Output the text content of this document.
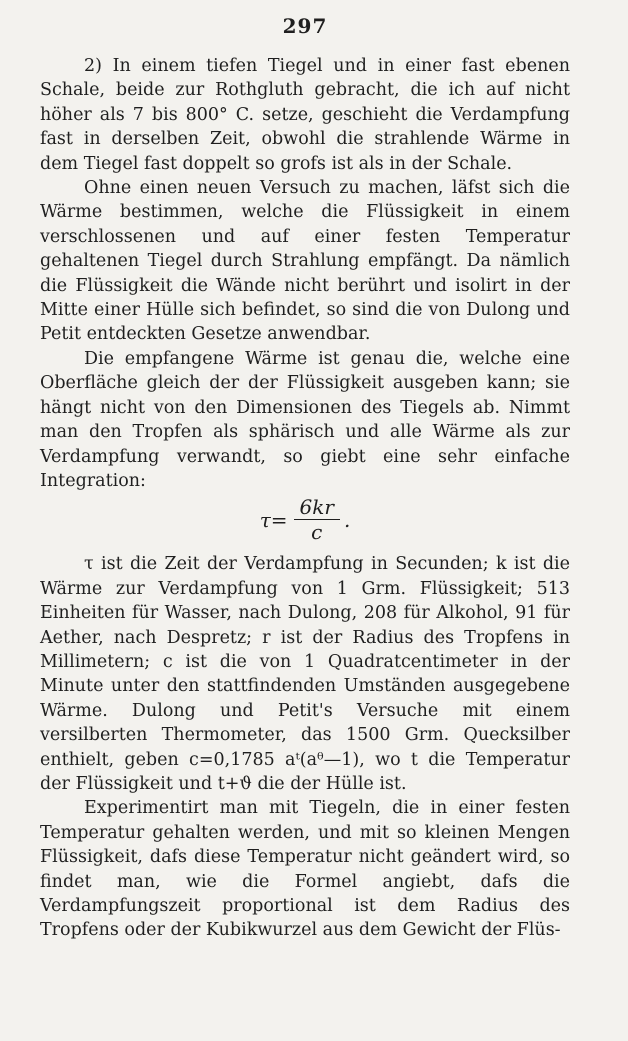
297

2) In einem tiefen Tiegel und in einer fast ebenen Schale, beide zur Rothgluth gebracht, die ich auf nicht höher als 7 bis 800° C. setze, geschieht die Verdampfung fast in derselben Zeit, obwohl die strahlende Wärme in dem Tiegel fast doppelt so grofs ist als in der Schale.

Ohne einen neuen Versuch zu machen, läfst sich die Wärme bestimmen, welche die Flüssigkeit in einem verschlossenen und auf einer festen Temperatur gehaltenen Tiegel durch Strahlung empfängt. Da nämlich die Flüssigkeit die Wände nicht berührt und isolirt in der Mitte einer Hülle sich befindet, so sind die von Dulong und Petit entdeckten Gesetze anwendbar.

Die empfangene Wärme ist genau die, welche eine Oberfläche gleich der der Flüssigkeit ausgeben kann; sie hängt nicht von den Dimensionen des Tiegels ab. Nimmt man den Tropfen als sphärisch und alle Wärme als zur Verdampfung verwandt, so giebt eine sehr einfache Integration:

$\tau= \frac{6kr}{c}$ .

τ ist die Zeit der Verdampfung in Secunden; k ist die Wärme zur Verdampfung von 1 Grm. Flüssigkeit; 513 Einheiten für Wasser, nach Dulong, 208 für Alkohol, 91 für Aether, nach Despretz; r ist der Radius des Tropfens in Millimetern; c ist die von 1 Quadratcentimeter in der Minute unter den stattfindenden Umständen ausgegebene Wärme. Dulong und Petit's Versuche mit einem versilberten Thermometer, das 1500 Grm. Quecksilber enthielt, geben c=0,1785 aᵗ(aᶿ—1), wo t die Temperatur der Flüssigkeit und t+ϑ die der Hülle ist.

Experimentirt man mit Tiegeln, die in einer festen Temperatur gehalten werden, und mit so kleinen Mengen Flüssigkeit, dafs diese Temperatur nicht geändert wird, so findet man, wie die Formel angiebt, dafs die Verdampfungszeit proportional ist dem Radius des Tropfens oder der Kubikwurzel aus dem Gewicht der Flüs-
